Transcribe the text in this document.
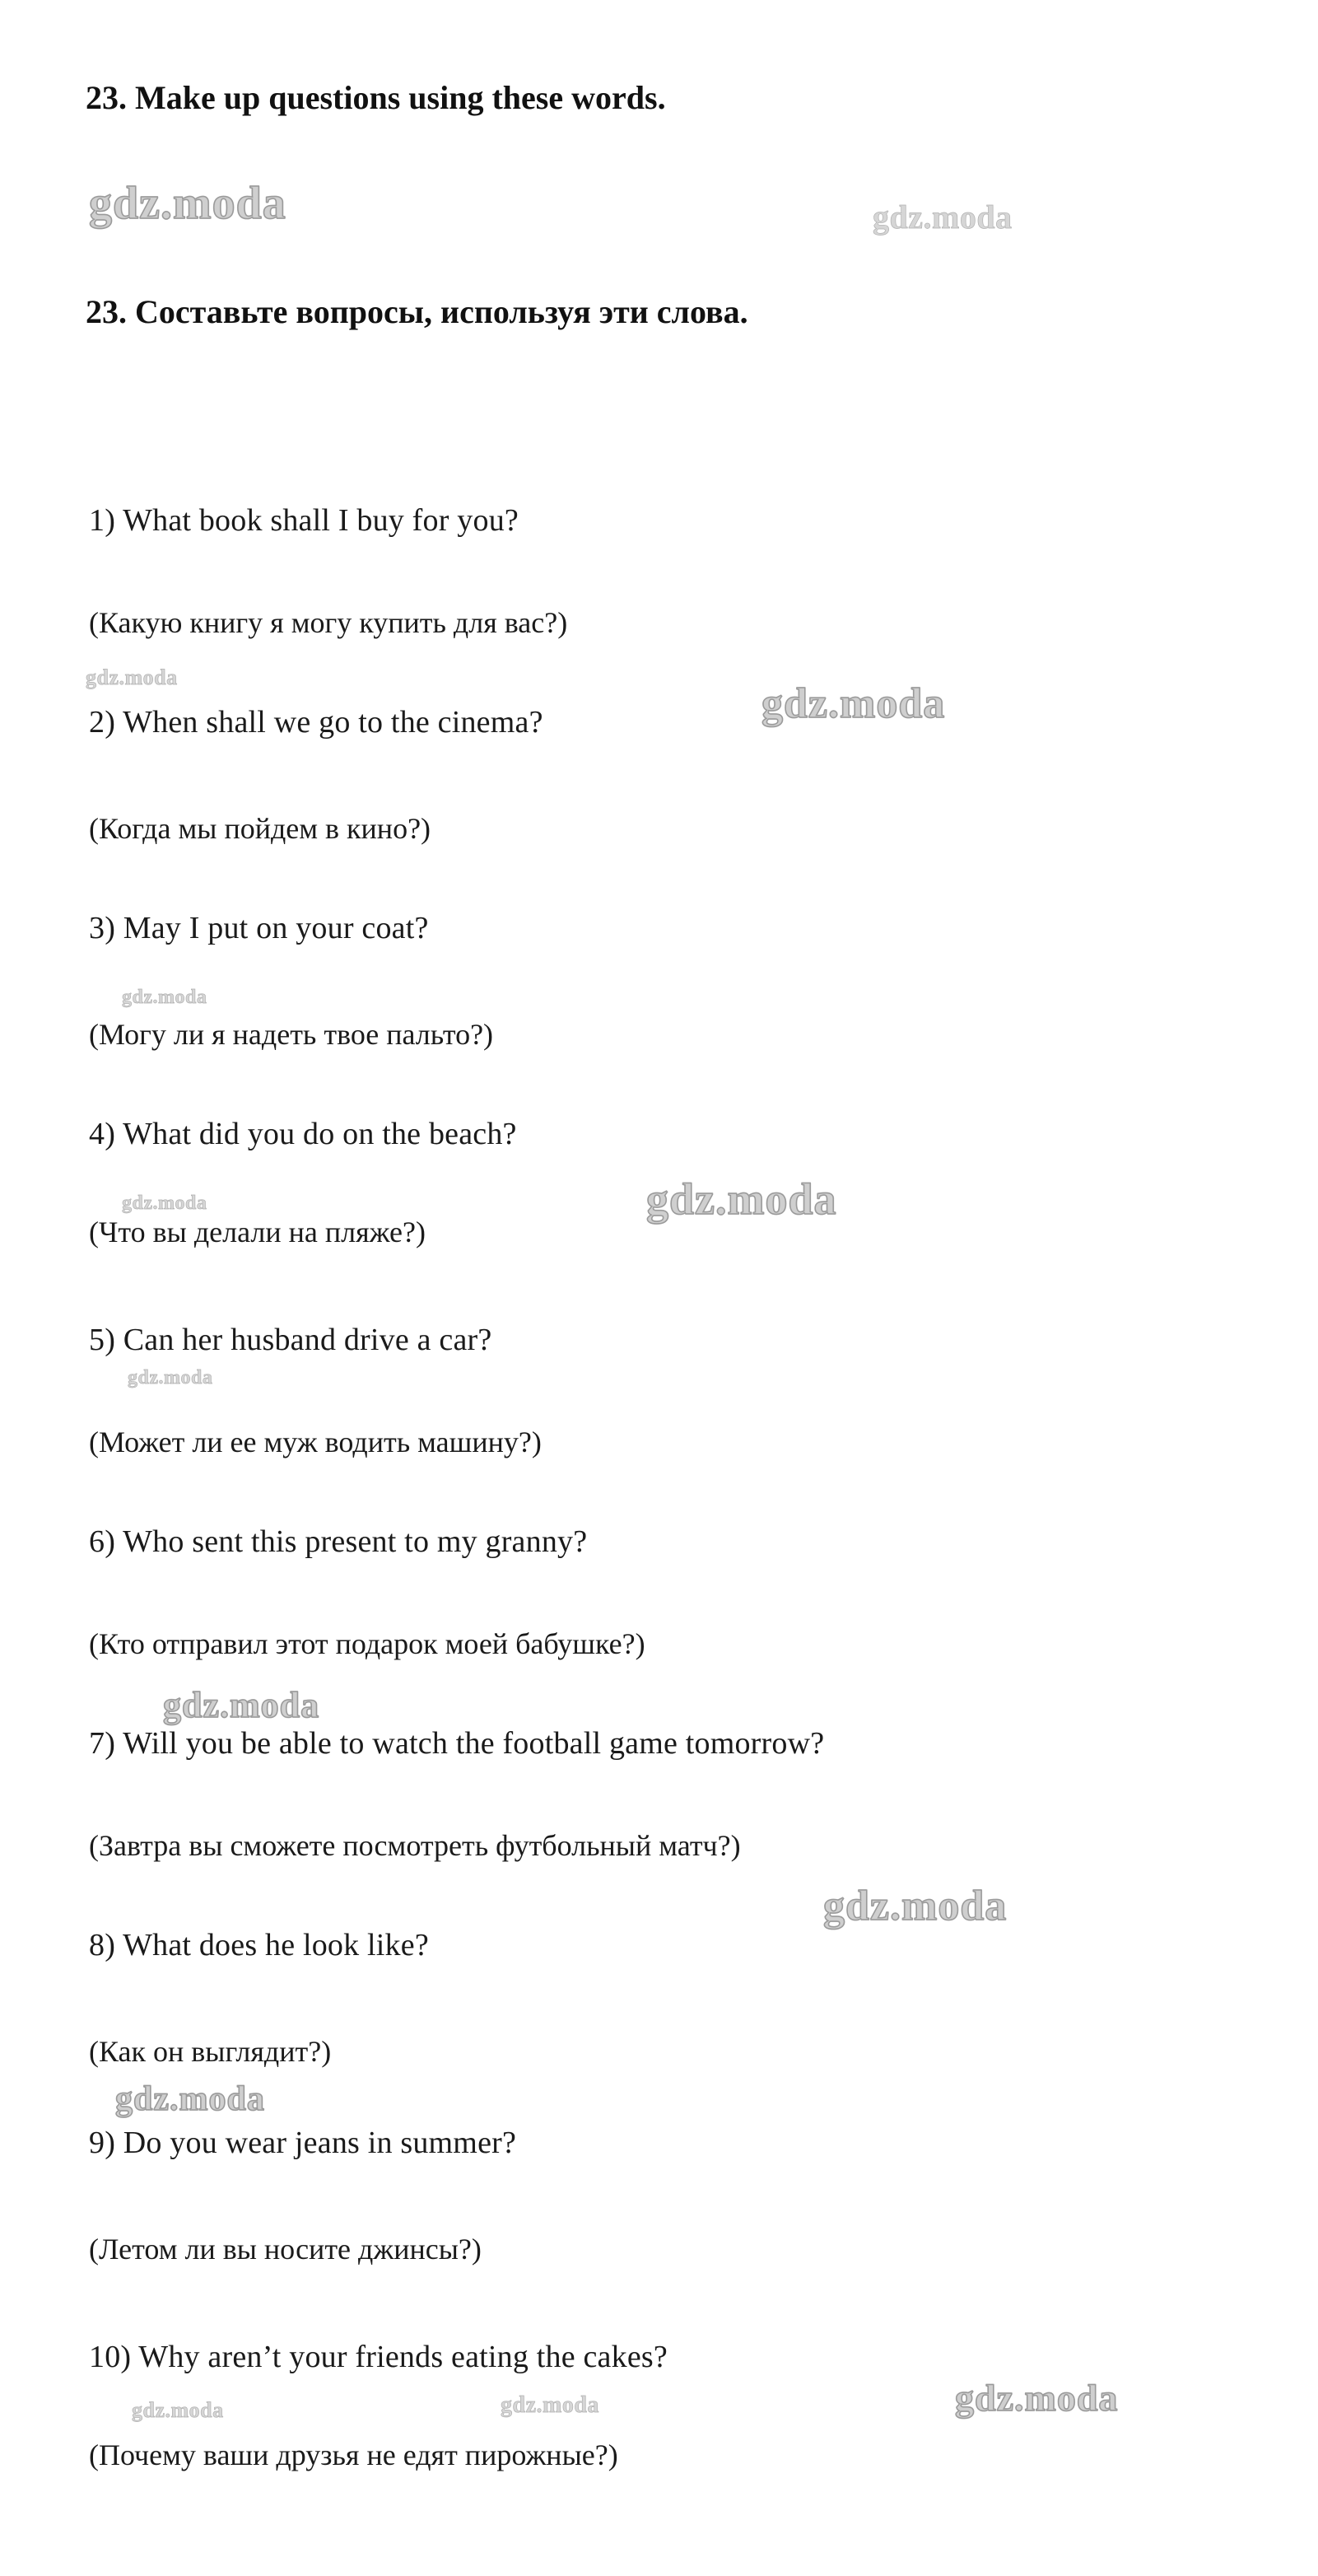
gdz.moda	gdz.moda
23. Make up questions using these words.
23. Составьте вопросы, используя эти слова.
1) What book shall I buy for you?
(Какую книгу я могу купить для вас?)
gdz.moda
gdz.moda
2) When shall we go to the cinema?
(Когда мы пойдем в кино?)
3) May I put on your coat?
gdz.moda
(Могу ли я надеть твое пальто?)
4) What did you do on the beach?
gdz.moda
gdz.moda
(Что вы делали на пляже?)
5) Can her husband drive a car?
gdz.moda
(Может ли ее муж водить машину?)
6) Who sent this present to my granny?
(Кто отправил этот подарок моей бабушке?)
gdz.moda
7) Will you be able to watch the football game tomorrow?
(Завтра вы сможете посмотреть футбольный матч?)
gdz.moda
8) What does he look like?
(Как он выглядит?)
gdz.moda
9) Do you wear jeans in summer?
(Летом ли вы носите джинсы?)
10) Why aren’t your friends eating the cakes?
gdz.moda	gdz.moda	gdz.moda
(Почему ваши друзья не едят пирожные?)
